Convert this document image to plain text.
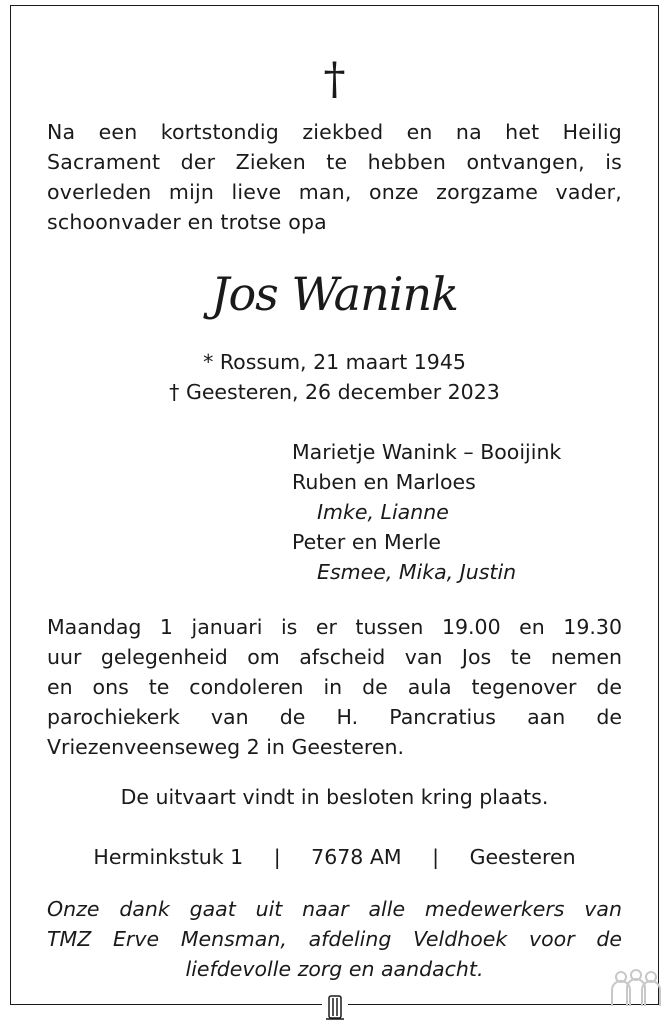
†
Na een kortstondig ziekbed en na het Heilig
Sacrament der Zieken te hebben ontvangen, is
overleden mijn lieve man, onze zorgzame vader,
schoonvader en trotse opa
Jos Wanink
* Rossum, 21 maart 1945
† Geesteren, 26 december 2023
Marietje Wanink – Booijink
Ruben en Marloes
Imke, Lianne
Peter en Merle
Esmee, Mika, Justin
Maandag 1 januari is er tussen 19.00 en 19.30
uur gelegenheid om afscheid van Jos te nemen
en ons te condoleren in de aula tegenover de
parochiekerk van de H. Pancratius aan de
Vriezenveenseweg 2 in Geesteren.
De uitvaart vindt in besloten kring plaats.
Herminkstuk 1 | 7678 AM | Geesteren
Onze dank gaat uit naar alle medewerkers van
TMZ Erve Mensman, afdeling Veldhoek voor de
liefdevolle zorg en aandacht.
